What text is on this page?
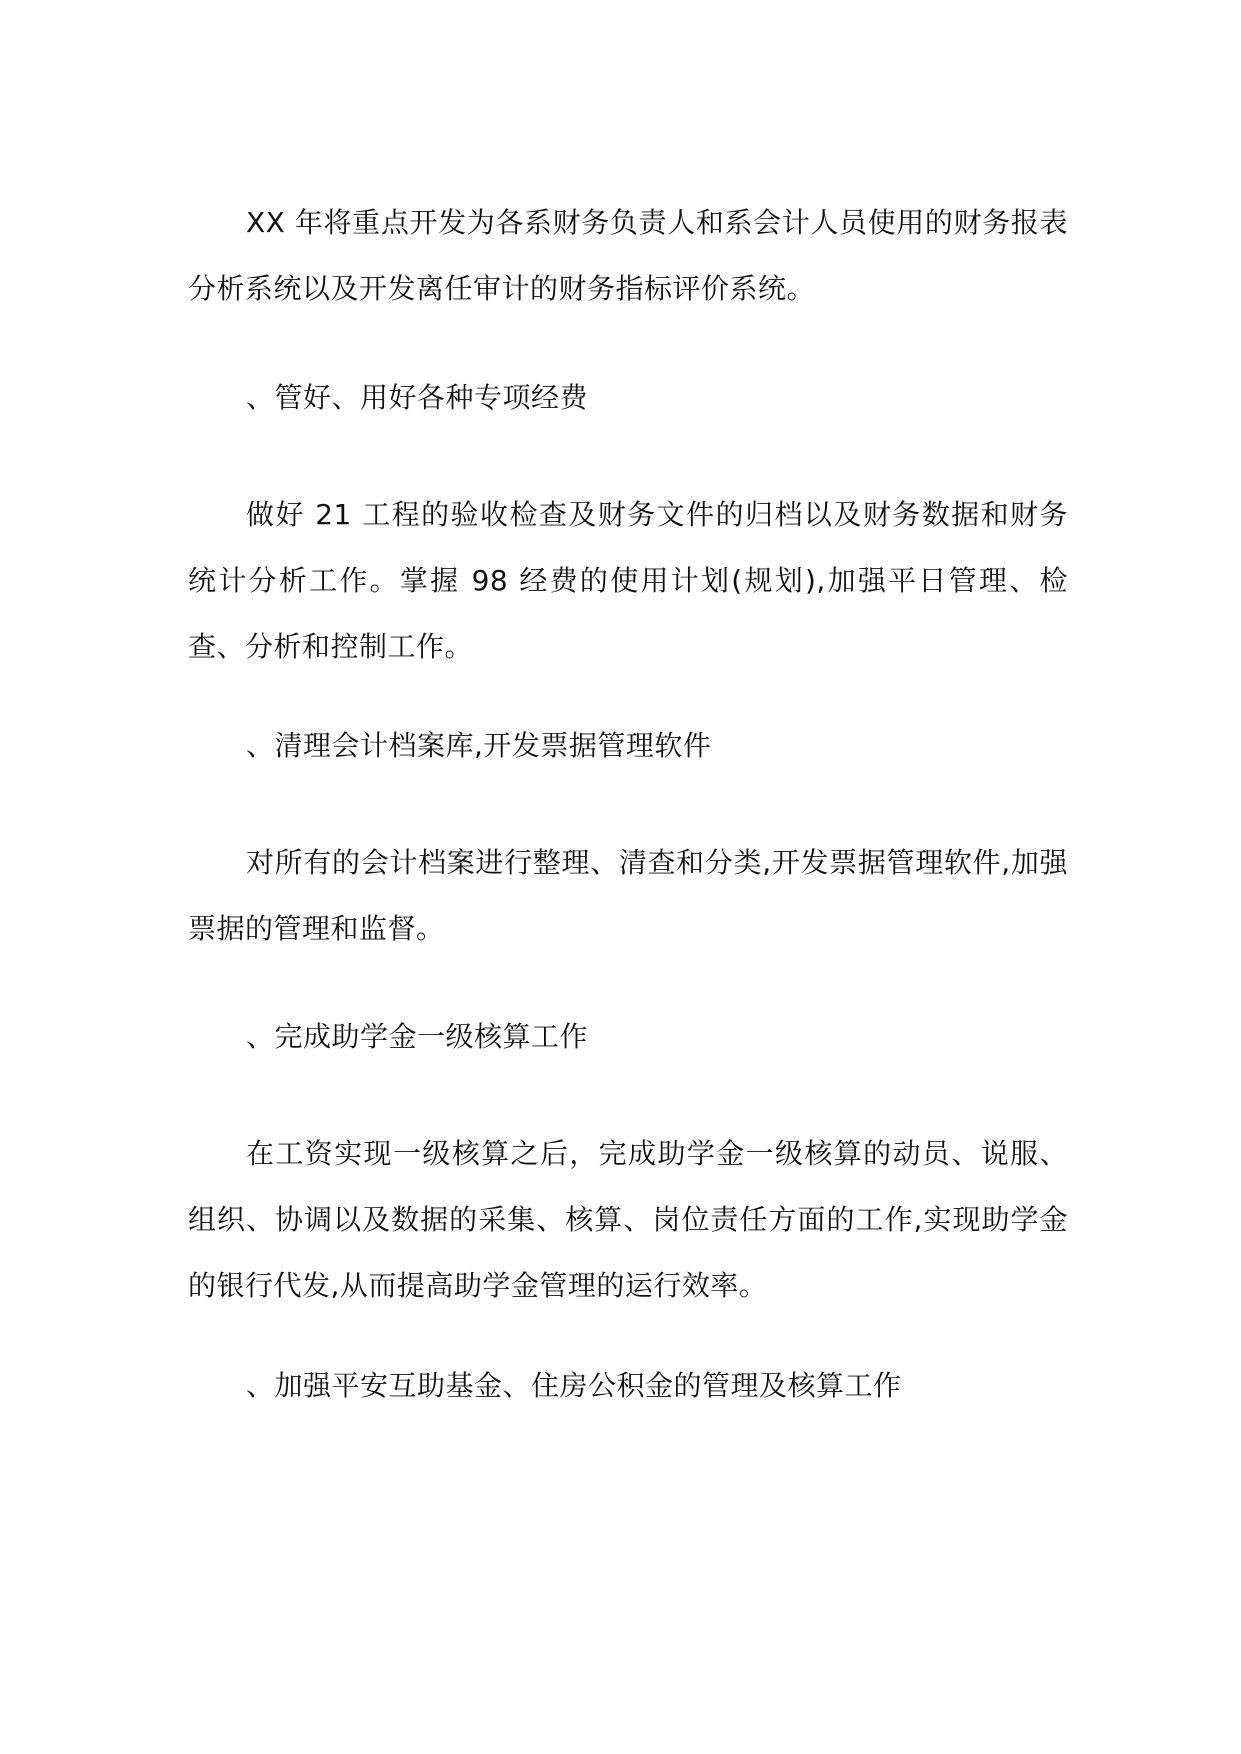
XX 年将重点开发为各系财务负责人和系会计人员使用的财务报表分析系统以及开发离任审计的财务指标评价系统。

、管好、用好各种专项经费

做好 21 工程的验收检查及财务文件的归档以及财务数据和财务统计分析工作。掌握 98 经费的使用计划(规划),加强平日管理、检查、分析和控制工作。

、清理会计档案库,开发票据管理软件

对所有的会计档案进行整理、清查和分类,开发票据管理软件,加强票据的管理和监督。

、完成助学金一级核算工作

在工资实现一级核算之后，完成助学金一级核算的动员、说服、组织、协调以及数据的采集、核算、岗位责任方面的工作,实现助学金的银行代发,从而提高助学金管理的运行效率。

、加强平安互助基金、住房公积金的管理及核算工作
